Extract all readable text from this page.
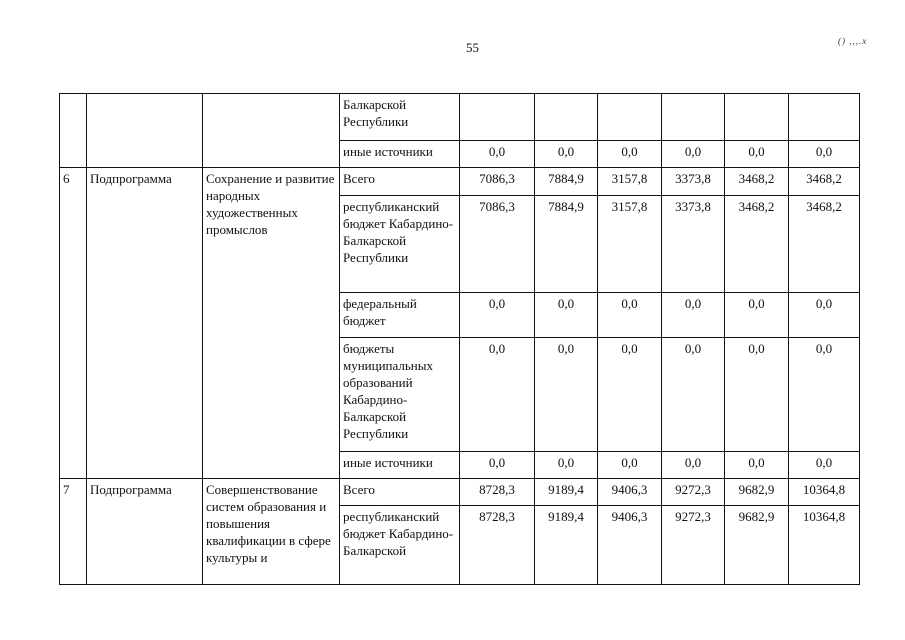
55	() ,,,.x
			Балкарской Республики						
			иные источники	0,0	0,0	0,0	0,0	0,0	0,0
6	Подпрограмма	Сохранение и развитие народных художественных промыслов	Всего	7086,3	7884,9	3157,8	3373,8	3468,2	3468,2
			республиканский бюджет Кабардино-Балкарской Республики	7086,3	7884,9	3157,8	3373,8	3468,2	3468,2
			федеральный бюджет	0,0	0,0	0,0	0,0	0,0	0,0
			бюджеты муниципальных образований Кабардино-Балкарской Республики	0,0	0,0	0,0	0,0	0,0	0,0
			иные источники	0,0	0,0	0,0	0,0	0,0	0,0
7	Подпрограмма	Совершенствование систем образования и повышения квалификации в сфере культуры и	Всего	8728,3	9189,4	9406,3	9272,3	9682,9	10364,8
			республиканский бюджет Кабардино-Балкарской	8728,3	9189,4	9406,3	9272,3	9682,9	10364,8
